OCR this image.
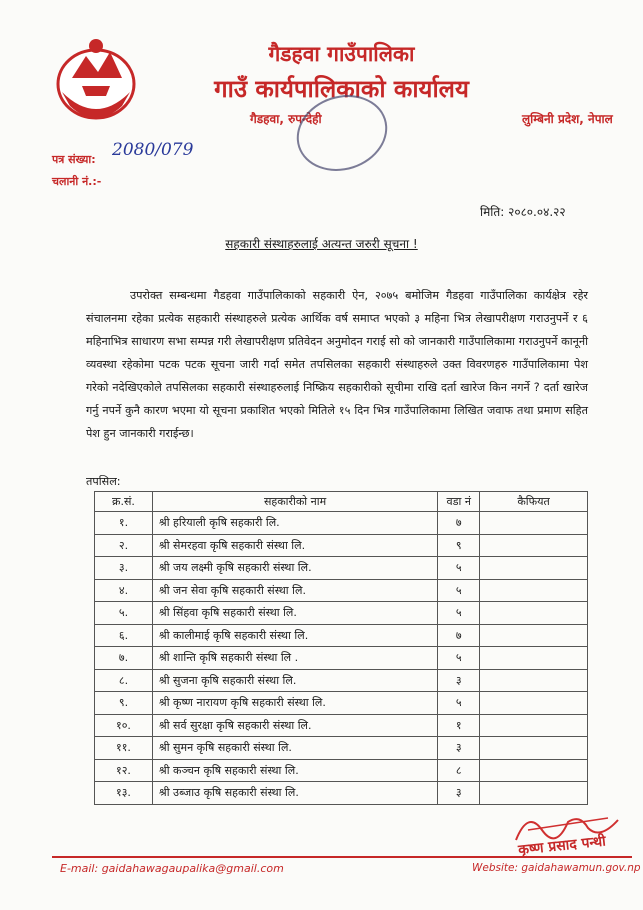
गैडहवा गाउँपालिका
गाउँ कार्यपालिकाको कार्यालय
गैडहवा, रुपन्देही	लुम्बिनी प्रदेश, नेपाल
पत्र संख्या: 2080/079
चलानी नं.:-
मिति: २०८०.०४.२२
सहकारी संस्थाहरुलाई अत्यन्त जरुरी सूचना !

उपरोक्त सम्बन्धमा गैडहवा गाउँपालिकाको सहकारी ऐन, २०७५ बमोजिम गैडहवा गाउँपालिका कार्यक्षेत्र रहेर संचालनमा रहेका प्रत्येक सहकारी संस्थाहरुले प्रत्येक आर्थिक वर्ष समाप्त भएको ३ महिना भित्र लेखापरीक्षण गराउनुपर्ने र ६ महिनाभित्र साधारण सभा सम्पन्न गरी लेखापरीक्षण प्रतिवेदन अनुमोदन गराई सो को जानकारी गाउँपालिकामा गराउनुपर्ने कानूनी व्यवस्था रहेकोमा पटक पटक सूचना जारी गर्दा समेत तपसिलका सहकारी संस्थाहरुले उक्त विवरणहरु गाउँपालिकामा पेश गरेको नदेखिएकोले तपसिलका सहकारी संस्थाहरुलाई निष्क्रिय सहकारीको सूचीमा राखि दर्ता खारेज किन नगर्ने ? दर्ता खारेज गर्नु नपर्ने कुनै कारण भएमा यो सूचना प्रकाशित भएको मितिले १५ दिन भित्र गाउँपालिकामा लिखित जवाफ तथा प्रमाण सहित पेश हुन जानकारी गराईन्छ।

तपसिल:
क्र.सं.	सहकारीको नाम	वडा नं	कैफियत
१.	श्री हरियाली कृषि सहकारी लि.	७	
२.	श्री सेमरहवा कृषि सहकारी संस्था लि.	९	
३.	श्री जय लक्ष्मी कृषि सहकारी संस्था लि.	५	
४.	श्री जन सेवा कृषि सहकारी संस्था लि.	५	
५.	श्री सिंहवा कृषि सहकारी संस्था लि.	५	
६.	श्री कालीमाई कृषि सहकारी संस्था लि.	७	
७.	श्री शान्ति कृषि सहकारी संस्था लि .	५	
८.	श्री सुजना कृषि सहकारी संस्था लि.	३	
९.	श्री कृष्ण नारायण कृषि सहकारी संस्था लि.	५	
१०.	श्री सर्व सुरक्षा कृषि सहकारी संस्था लि.	१	
११.	श्री सुमन कृषि सहकारी संस्था लि.	३	
१२.	श्री कञ्चन कृषि सहकारी संस्था लि.	८	
१३.	श्री उब्जाउ कृषि सहकारी संस्था लि.	३	
कृष्ण प्रसाद पन्थी
E-mail: gaidahawagaupalika@gmail.com	Website: gaidahawamun.gov.np
